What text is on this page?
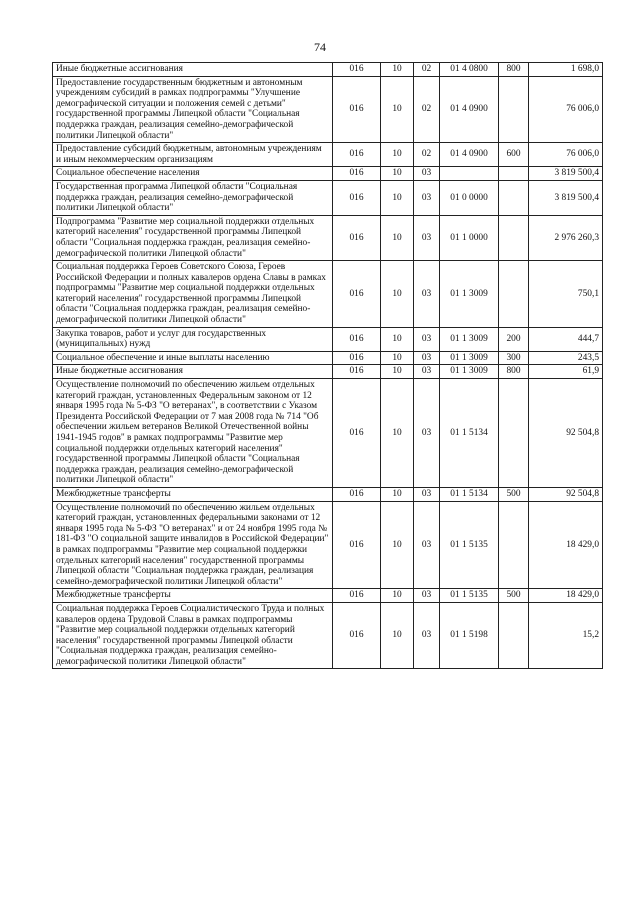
74
Иные бюджетные ассигнования	016	10	02	01 4 0800	800	1 698,0
Предоставление государственным бюджетным и автономным учреждениям субсидий в рамках подпрограммы "Улучшение демографической ситуации и положения семей с детьми" государственной программы Липецкой области "Социальная поддержка граждан, реализация семейно-демографической политики Липецкой области"	016	10	02	01 4 0900		76 006,0
Предоставление субсидий бюджетным, автономным учреждениям и иным некоммерческим организациям	016	10	02	01 4 0900	600	76 006,0
Социальное обеспечение населения	016	10	03			3 819 500,4
Государственная программа Липецкой области "Социальная поддержка граждан, реализация семейно-демографической политики Липецкой области"	016	10	03	01 0 0000		3 819 500,4
Подпрограмма "Развитие мер социальной поддержки отдельных категорий населения" государственной программы Липецкой области "Социальная поддержка граждан, реализация семейно-демографической политики Липецкой области"	016	10	03	01 1 0000		2 976 260,3
Социальная поддержка Героев Советского Союза, Героев Российской Федерации и полных кавалеров ордена Славы в рамках подпрограммы "Развитие мер социальной поддержки отдельных категорий населения" государственной программы Липецкой области "Социальная поддержка граждан, реализация семейно-демографической политики Липецкой области"	016	10	03	01 1 3009		750,1
Закупка товаров, работ и услуг для государственных (муниципальных) нужд	016	10	03	01 1 3009	200	444,7
Социальное обеспечение и иные выплаты населению	016	10	03	01 1 3009	300	243,5
Иные бюджетные ассигнования	016	10	03	01 1 3009	800	61,9
Осуществление полномочий по обеспечению жильем отдельных категорий граждан, установленных Федеральным законом от 12 января 1995 года № 5-ФЗ "О ветеранах", в соответствии с Указом Президента Российской Федерации от 7 мая 2008 года № 714 "Об обеспечении жильем ветеранов Великой Отечественной войны 1941-1945 годов" в рамках подпрограммы "Развитие мер социальной поддержки отдельных категорий населения" государственной программы Липецкой области "Социальная поддержка граждан, реализация семейно-демографической политики Липецкой области"	016	10	03	01 1 5134		92 504,8
Межбюджетные трансферты	016	10	03	01 1 5134	500	92 504,8
Осуществление полномочий по обеспечению жильем отдельных категорий граждан, установленных федеральными законами от 12 января 1995 года № 5-ФЗ "О ветеранах" и от 24 ноября 1995 года № 181-ФЗ "О социальной защите инвалидов в Российской Федерации" в рамках подпрограммы "Развитие мер социальной поддержки отдельных категорий населения" государственной программы Липецкой области "Социальная поддержка граждан, реализация семейно-демографической политики Липецкой области"	016	10	03	01 1 5135		18 429,0
Межбюджетные трансферты	016	10	03	01 1 5135	500	18 429,0
Социальная поддержка Героев Социалистического Труда и полных кавалеров ордена Трудовой Славы в рамках подпрограммы "Развитие мер социальной поддержки отдельных категорий населения" государственной программы Липецкой области "Социальная поддержка граждан, реализация семейно-демографической политики Липецкой области"	016	10	03	01 1 5198		15,2
